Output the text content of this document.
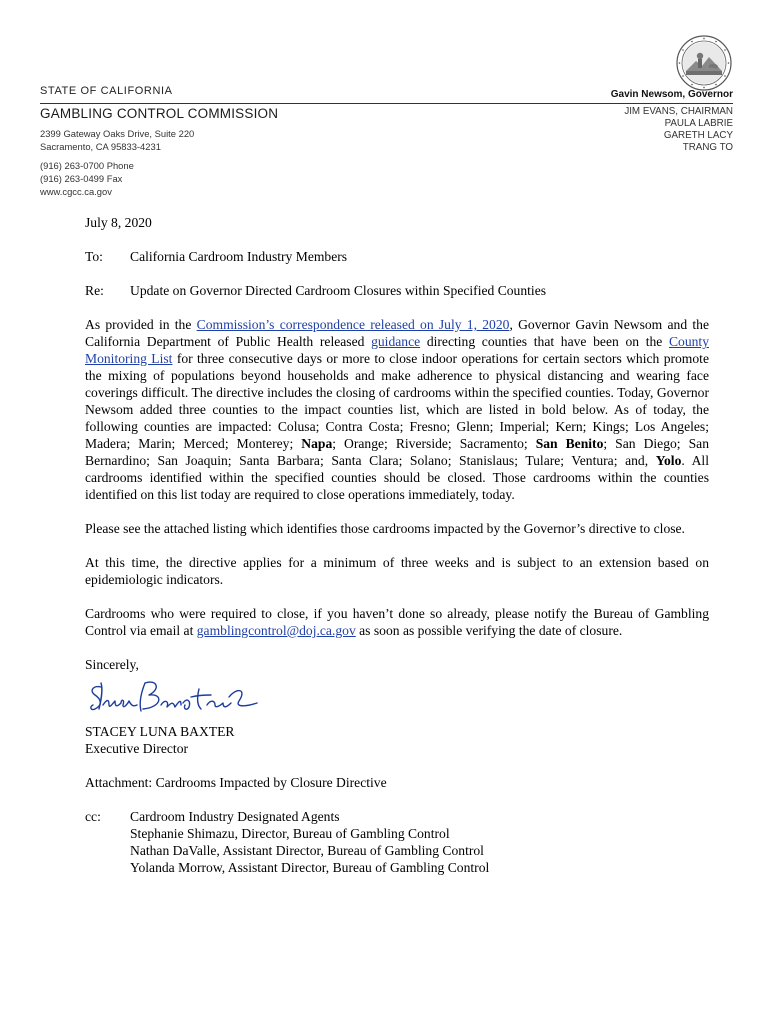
STATE OF CALIFORNIA
GAMBLING CONTROL COMMISSION
2399 Gateway Oaks Drive, Suite 220
Sacramento, CA 95833-4231
(916) 263-0700 Phone
(916) 263-0499 Fax
www.cgcc.ca.gov
Gavin Newsom, Governor
JIM EVANS, CHAIRMAN
PAULA LABRIE
GARETH LACY
TRANG TO

July 8, 2020

To:	California Cardroom Industry Members
Re:	Update on Governor Directed Cardroom Closures within Specified Counties

As provided in the Commission’s correspondence released on July 1, 2020, Governor Gavin Newsom and the California Department of Public Health released guidance directing counties that have been on the County Monitoring List for three consecutive days or more to close indoor operations for certain sectors which promote the mixing of populations beyond households and make adherence to physical distancing and wearing face coverings difficult. The directive includes the closing of cardrooms within the specified counties. Today, Governor Newsom added three counties to the impact counties list, which are listed in bold below. As of today, the following counties are impacted: Colusa; Contra Costa; Fresno; Glenn; Imperial; Kern; Kings; Los Angeles; Madera; Marin; Merced; Monterey; Napa; Orange; Riverside; Sacramento; San Benito; San Diego; San Bernardino; San Joaquin; Santa Barbara; Santa Clara; Solano; Stanislaus; Tulare; Ventura; and, Yolo. All cardrooms identified within the specified counties should be closed. Those cardrooms within the counties identified on this list today are required to close operations immediately, today.

Please see the attached listing which identifies those cardrooms impacted by the Governor’s directive to close.

At this time, the directive applies for a minimum of three weeks and is subject to an extension based on epidemiologic indicators.

Cardrooms who were required to close, if you haven’t done so already, please notify the Bureau of Gambling Control via email at gamblingcontrol@doj.ca.gov as soon as possible verifying the date of closure.

Sincerely,

STACEY LUNA BAXTER

Executive Director

Attachment: Cardrooms Impacted by Closure Directive

cc:	Cardroom Industry Designated Agents
Stephanie Shimazu, Director, Bureau of Gambling Control
Nathan DaValle, Assistant Director, Bureau of Gambling Control
Yolanda Morrow, Assistant Director, Bureau of Gambling Control
